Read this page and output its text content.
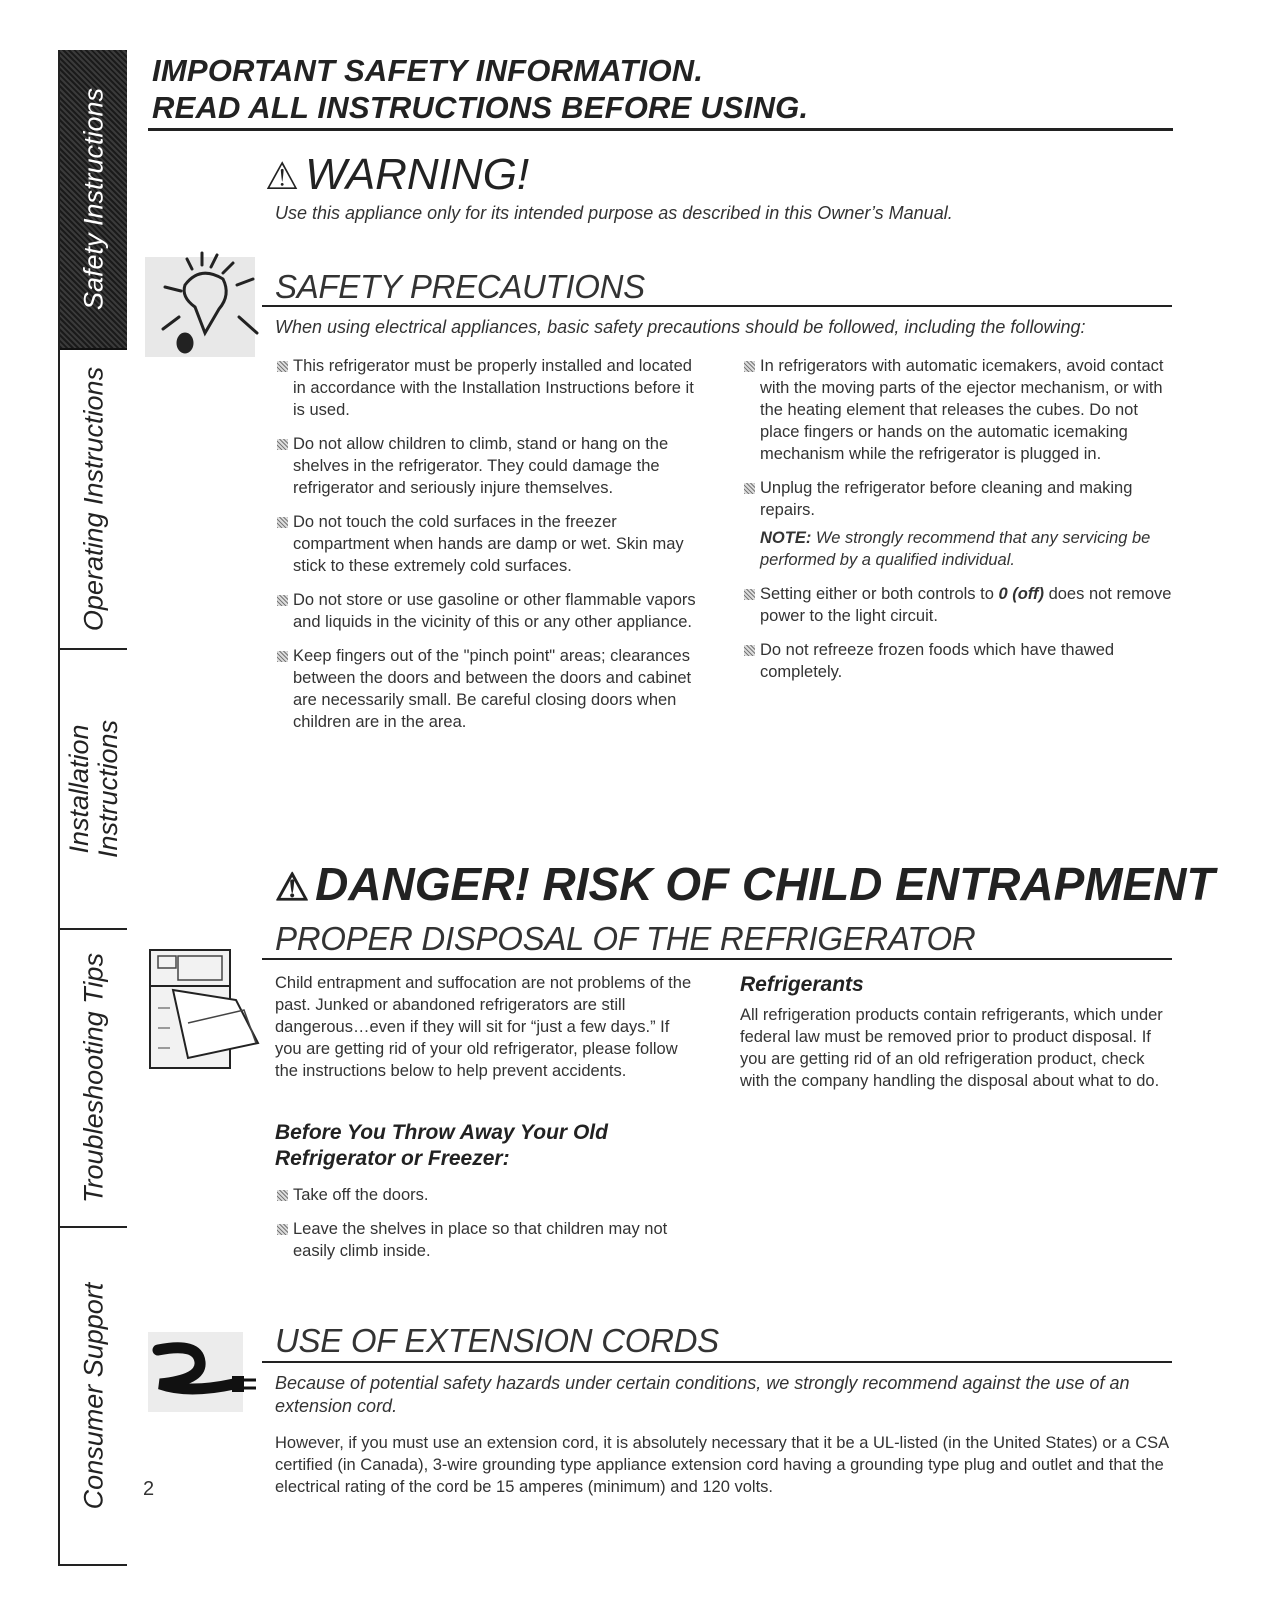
Safety Instructions
Operating Instructions
Installation Instructions
Troubleshooting Tips
Consumer Support
IMPORTANT SAFETY INFORMATION.
READ ALL INSTRUCTIONS BEFORE USING.
⚠ WARNING!
Use this appliance only for its intended purpose as described in this Owner’s Manual.
SAFETY PRECAUTIONS
When using electrical appliances, basic safety precautions should be followed, including the following:
This refrigerator must be properly installed and located in accordance with the Installation Instructions before it is used.
Do not allow children to climb, stand or hang on the shelves in the refrigerator. They could damage the refrigerator and seriously injure themselves.
Do not touch the cold surfaces in the freezer compartment when hands are damp or wet. Skin may stick to these extremely cold surfaces.
Do not store or use gasoline or other flammable vapors and liquids in the vicinity of this or any other appliance.
Keep fingers out of the "pinch point" areas; clearances between the doors and between the doors and cabinet are necessarily small. Be careful closing doors when children are in the area.
In refrigerators with automatic icemakers, avoid contact with the moving parts of the ejector mechanism, or with the heating element that releases the cubes. Do not place fingers or hands on the automatic icemaking mechanism while the refrigerator is plugged in.
Unplug the refrigerator before cleaning and making repairs.
NOTE: We strongly recommend that any servicing be performed by a qualified individual.
Setting either or both controls to 0 (off) does not remove power to the light circuit.
Do not refreeze frozen foods which have thawed completely.
⚠ DANGER! RISK OF CHILD ENTRAPMENT
PROPER DISPOSAL OF THE REFRIGERATOR
Child entrapment and suffocation are not problems of the past. Junked or abandoned refrigerators are still dangerous…even if they will sit for “just a few days.” If you are getting rid of your old refrigerator, please follow the instructions below to help prevent accidents.
Before You Throw Away Your Old Refrigerator or Freezer:
Take off the doors.
Leave the shelves in place so that children may not easily climb inside.
Refrigerants
All refrigeration products contain refrigerants, which under federal law must be removed prior to product disposal. If you are getting rid of an old refrigeration product, check with the company handling the disposal about what to do.
USE OF EXTENSION CORDS
Because of potential safety hazards under certain conditions, we strongly recommend against the use of an extension cord.
However, if you must use an extension cord, it is absolutely necessary that it be a UL-listed (in the United States) or a CSA certified (in Canada), 3-wire grounding type appliance extension cord having a grounding type plug and outlet and that the electrical rating of the cord be 15 amperes (minimum) and 120 volts.
2
